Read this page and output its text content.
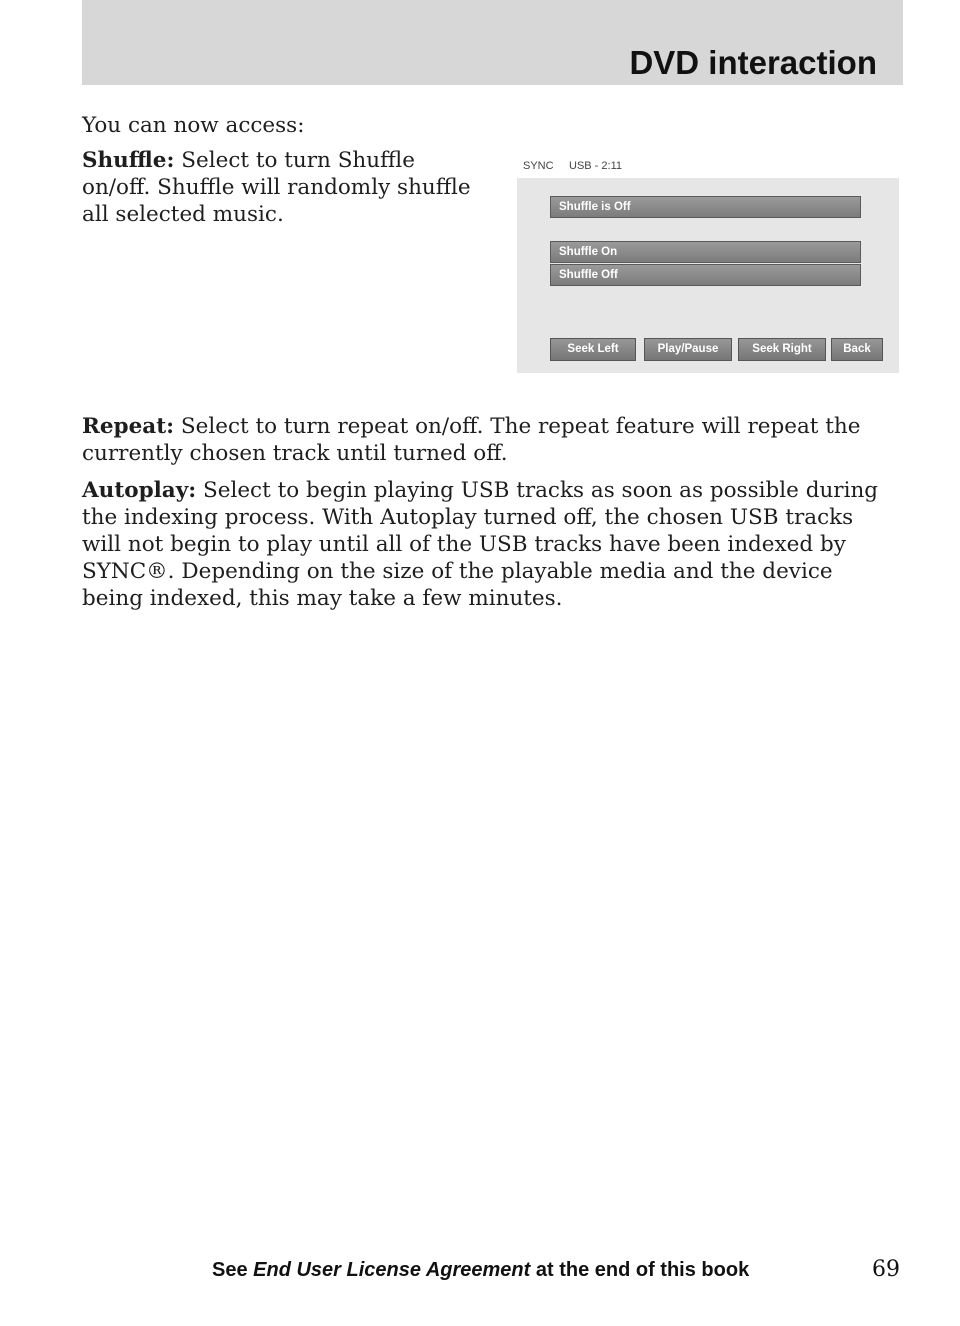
DVD interaction
You can now access:
Shuffle: Select to turn Shuffle on/off. Shuffle will randomly shuffle all selected music.
SYNC USB - 2:11
Shuffle is Off
Shuffle On
Shuffle Off
Seek Left	Play/Pause	Seek Right	Back
Repeat: Select to turn repeat on/off. The repeat feature will repeat the currently chosen track until turned off.
Autoplay: Select to begin playing USB tracks as soon as possible during the indexing process. With Autoplay turned off, the chosen USB tracks will not begin to play until all of the USB tracks have been indexed by SYNC®. Depending on the size of the playable media and the device being indexed, this may take a few minutes.
See End User License Agreement at the end of this book	69
